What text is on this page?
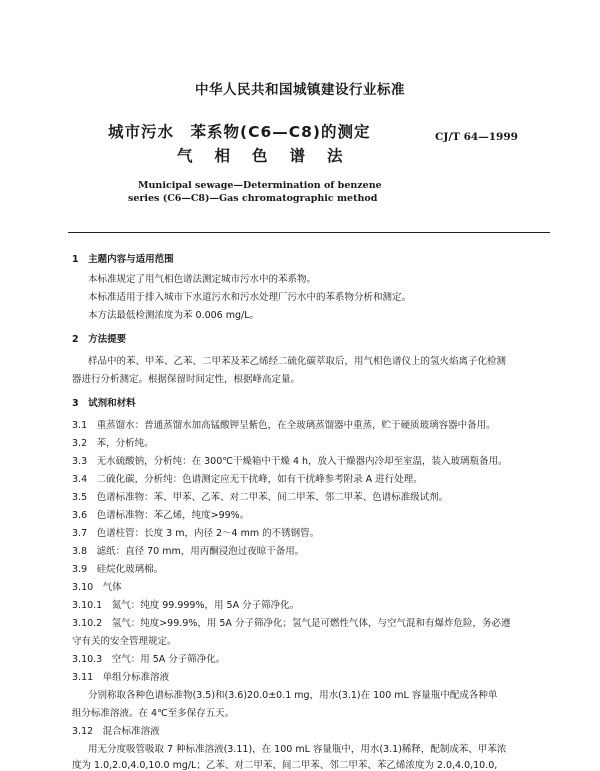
中华人民共和国城镇建设行业标准
城市污水　苯系物(C6—C8)的测定
气相色谱法
CJ/T 64—1999
Municipal sewage—Determination of benzene
series (C6—C8)—Gas chromatographic method
1　 主题内容与适用范围
本标准规定了用气相色谱法测定城市污水中的苯系物。
本标准适用于排入城市下水道污水和污水处理厂污水中的苯系物分析和测定。
本方法最低检测浓度为苯 0.006 mg/L。
2　 方法提要
样品中的苯、甲苯、乙苯、二甲苯及苯乙烯经二硫化碳萃取后，用气相色谱仪上的氢火焰离子化检测
器进行分析测定。根据保留时间定性，根据峰高定量。
3　 试剂和材料
3.1　重蒸馏水：普通蒸馏水加高锰酸钾呈紫色，在全玻璃蒸馏器中重蒸，贮于硬质玻璃容器中备用。
3.2　苯，分析纯。
3.3　无水硫酸钠，分析纯：在 300℃干燥箱中干燥 4 h，放入干燥器内冷却至室温，装入玻璃瓶备用。
3.4　二硫化碳，分析纯：色谱测定应无干扰峰，如有干扰峰参考附录 A 进行处理。
3.5　色谱标准物：苯、甲苯、乙苯、对二甲苯、间二甲苯、邻二甲苯、色谱标准级试剂。
3.6　色谱标准物：苯乙烯，纯度>99%。
3.7　色谱柱管：长度 3 m，内径 2～4 mm 的不锈钢管。
3.8　滤纸：直径 70 mm，用丙酮浸泡过夜晾干备用。
3.9　硅烷化玻璃棉。
3.10　气体
3.10.1　氮气：纯度 99.999%，用 5A 分子筛净化。
3.10.2　氢气：纯度>99.9%，用 5A 分子筛净化；氢气是可燃性气体，与空气混和有爆炸危险，务必遵
守有关的安全管理规定。
3.10.3　空气：用 5A 分子筛净化。
3.11　单组分标准溶液
分别称取各种色谱标准物(3.5)和(3.6)20.0±0.1 mg，用水(3.1)在 100 mL 容量瓶中配成各种单
组分标准溶液。在 4℃至多保存五天。
3.12　混合标准溶液
用无分度吸管吸取 7 种标准溶液(3.11)，在 100 mL 容量瓶中，用水(3.1)稀释，配制成苯、甲苯浓
度为 1.0,2.0,4.0,10.0 mg/L；乙苯、对二甲苯、间二甲苯、邻二甲苯、苯乙烯浓度为 2.0,4.0,10.0,
